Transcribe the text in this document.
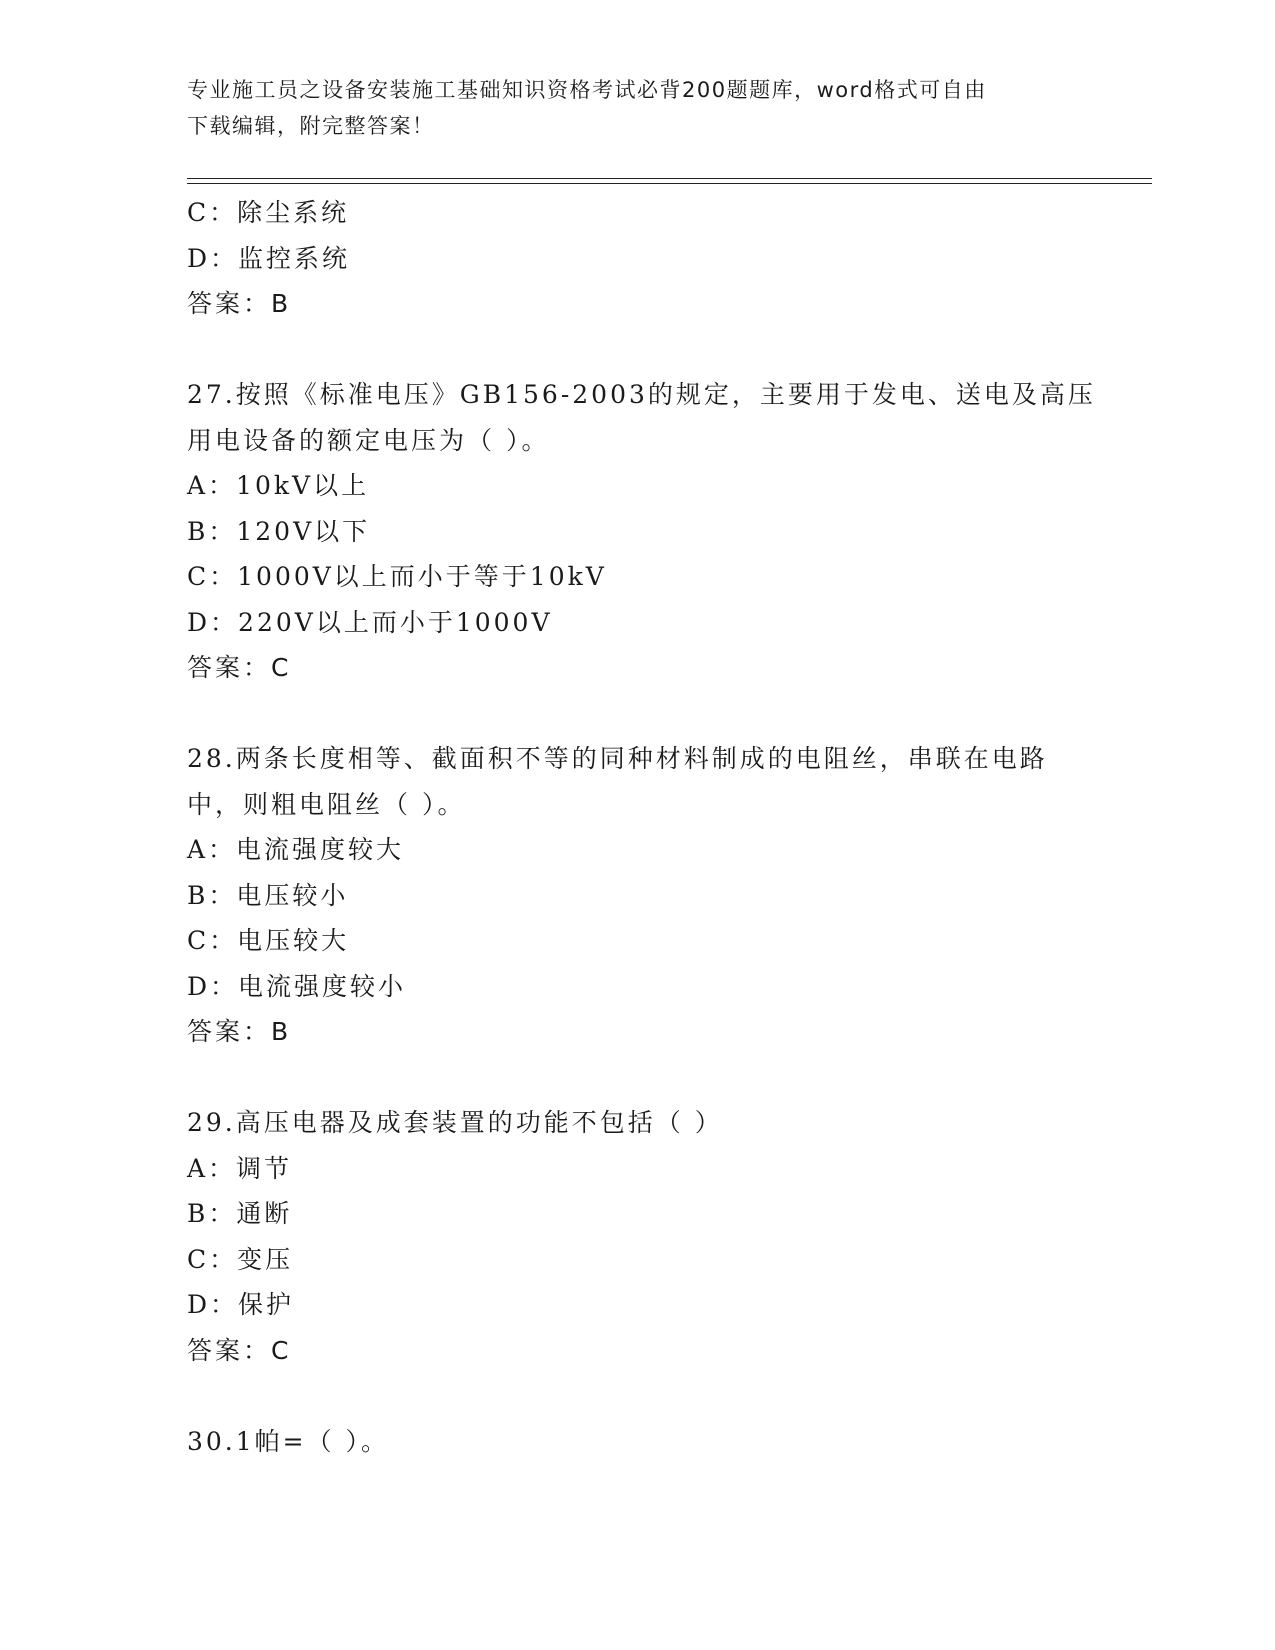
专业施工员之设备安装施工基础知识资格考试必背200题题库，word格式可自由
下载编辑，附完整答案！
C：除尘系统
D：监控系统
答案：B
27.按照《标准电压》GB156-2003的规定，主要用于发电、送电及高压
用电设备的额定电压为（ ）。
A：10kV以上
B：120V以下
C：1000V以上而小于等于10kV
D：220V以上而小于1000V
答案：C
28.两条长度相等、截面积不等的同种材料制成的电阻丝，串联在电路
中，则粗电阻丝（ ）。
A：电流强度较大
B：电压较小
C：电压较大
D：电流强度较小
答案：B
29.高压电器及成套装置的功能不包括（ ）
A：调节
B：通断
C：变压
D：保护
答案：C
30.1帕=（ ）。
